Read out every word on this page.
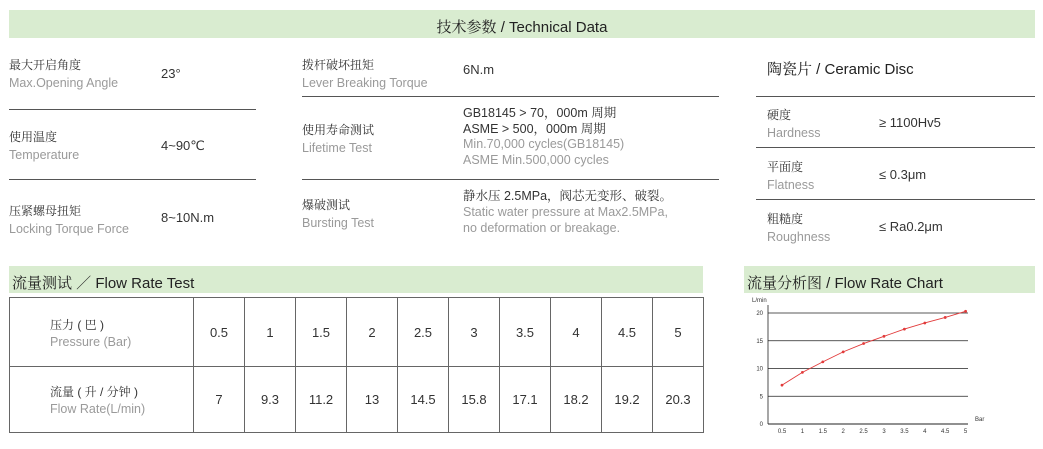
技术参数 / Technical Data
最大开启角度
Max.Opening Angle
23°
使用温度
Temperature
4~90℃
压紧螺母扭矩
Locking Torque Force
8~10N.m
拨杆破坏扭矩
Lever Breaking Torque
6N.m
使用寿命测试
Lifetime Test
GB18145 > 70，000m 周期
ASME > 500，000m 周期
Min.70,000 cycles(GB18145)
ASME Min.500,000 cycles
爆破测试
Bursting Test
静水压 2.5MPa，阀芯无变形、破裂。
Static water pressure at Max2.5MPa,
no deformation or breakage.
陶瓷片 / Ceramic Disc
硬度
Hardness
≥ 1100Hv5
平面度
Flatness
≤ 0.3μm
粗糙度
Roughness
≤ Ra0.2μm
流量测试 ／ Flow Rate Test
压力 ( 巴 )
Pressure (Bar)	0.5	1	1.5	2	2.5	3	3.5	4	4.5	5

流量 ( 升 / 分钟 )
Flow Rate(L/min)	7	9.3	11.2	13	14.5	15.8	17.1	18.2	19.2	20.3
流量分析图 / Flow Rate Chart
0
5
10
15
20
L/min
0.5 1 1.5 2 2.5 3 3.5 4 4.5 5
Bar
